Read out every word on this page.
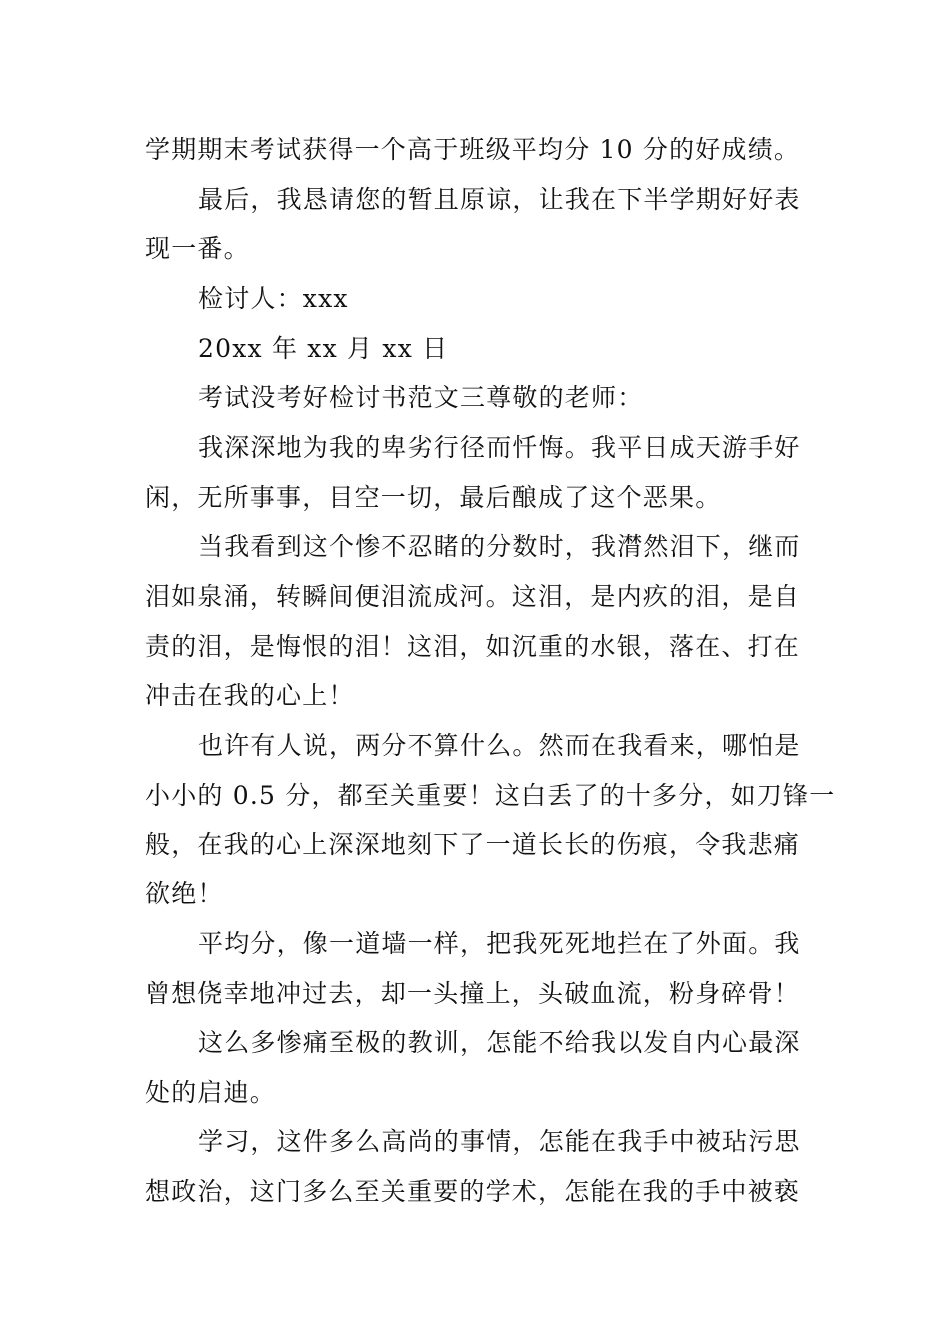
学期期末考试获得一个高于班级平均分 10 分的好成绩。
最后，我恳请您的暂且原谅，让我在下半学期好好表
现一番。
检讨人：xxx
20xx 年 xx 月 xx 日
考试没考好检讨书范文三尊敬的老师：
我深深地为我的卑劣行径而忏悔。我平日成天游手好
闲，无所事事，目空一切，最后酿成了这个恶果。
当我看到这个惨不忍睹的分数时，我潸然泪下，继而
泪如泉涌，转瞬间便泪流成河。这泪，是内疚的泪，是自
责的泪，是悔恨的泪！这泪，如沉重的水银，落在、打在
冲击在我的心上！
也许有人说，两分不算什么。然而在我看来，哪怕是
小小的 0.5 分，都至关重要！这白丢了的十多分，如刀锋一
般，在我的心上深深地刻下了一道长长的伤痕，令我悲痛
欲绝！
平均分，像一道墙一样，把我死死地拦在了外面。我
曾想侥幸地冲过去，却一头撞上，头破血流，粉身碎骨！
这么多惨痛至极的教训，怎能不给我以发自内心最深
处的启迪。
学习，这件多么高尚的事情，怎能在我手中被玷污思
想政治，这门多么至关重要的学术，怎能在我的手中被亵
